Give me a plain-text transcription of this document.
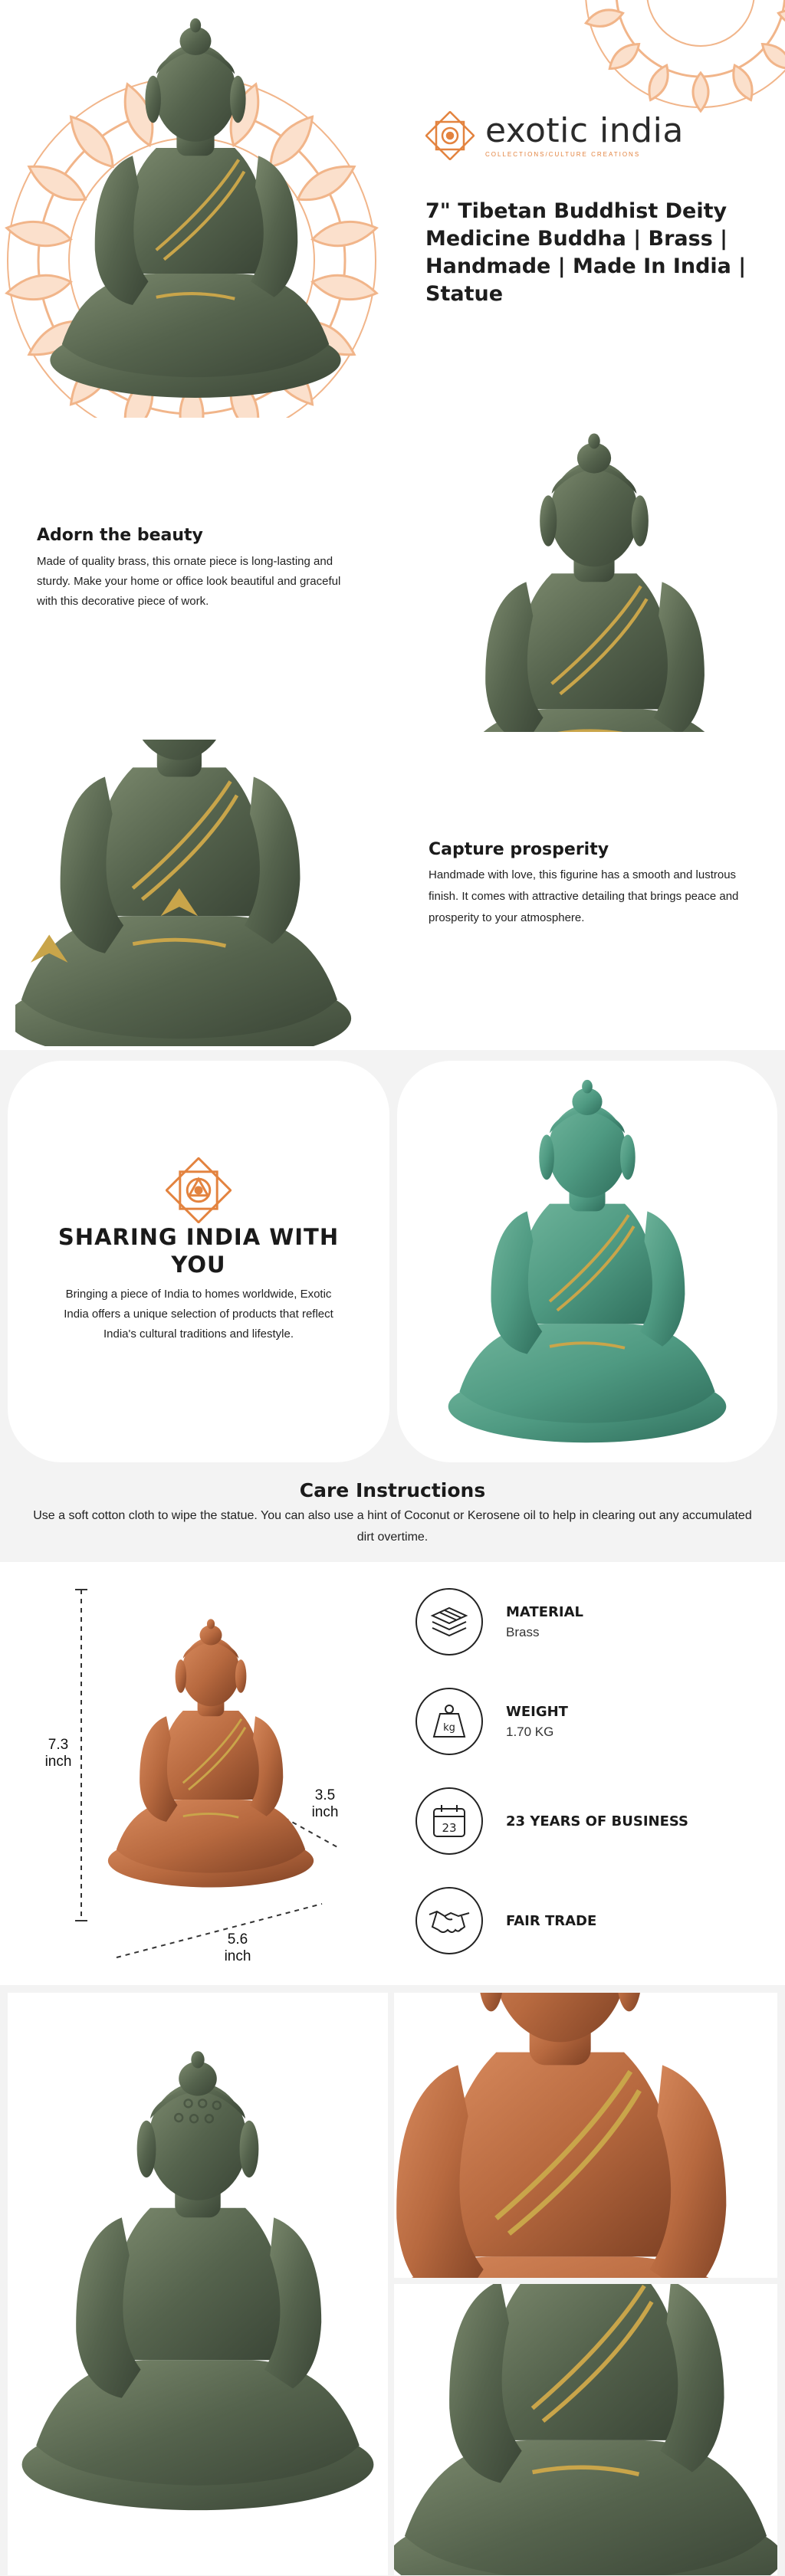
exotic india
COLLECTIONS/CULTURE CREATIONS
7" Tibetan Buddhist Deity Medicine Buddha | Brass | Handmade | Made In India | Statue
Adorn the beauty
Made of quality brass, this ornate piece is long-lasting and sturdy. Make your home or office look beautiful and graceful with this decorative piece of work.
Capture prosperity
Handmade with love, this figurine has a smooth and lustrous finish. It comes with attractive detailing that brings peace and prosperity to your atmosphere.
SHARING INDIA WITH YOU
Bringing a piece of India to homes worldwide, Exotic India offers a unique selection of products that reflect India's cultural traditions and lifestyle.
Care Instructions
Use a soft cotton cloth to wipe the statue. You can also use a hint of Coconut or Kerosene oil to help in clearing out any accumulated dirt overtime.
7.3
inch
3.5
inch
5.6
inch
MATERIAL
Brass
kg
WEIGHT
1.70 KG
23	23 YEARS OF BUSINESS
FAIR TRADE
